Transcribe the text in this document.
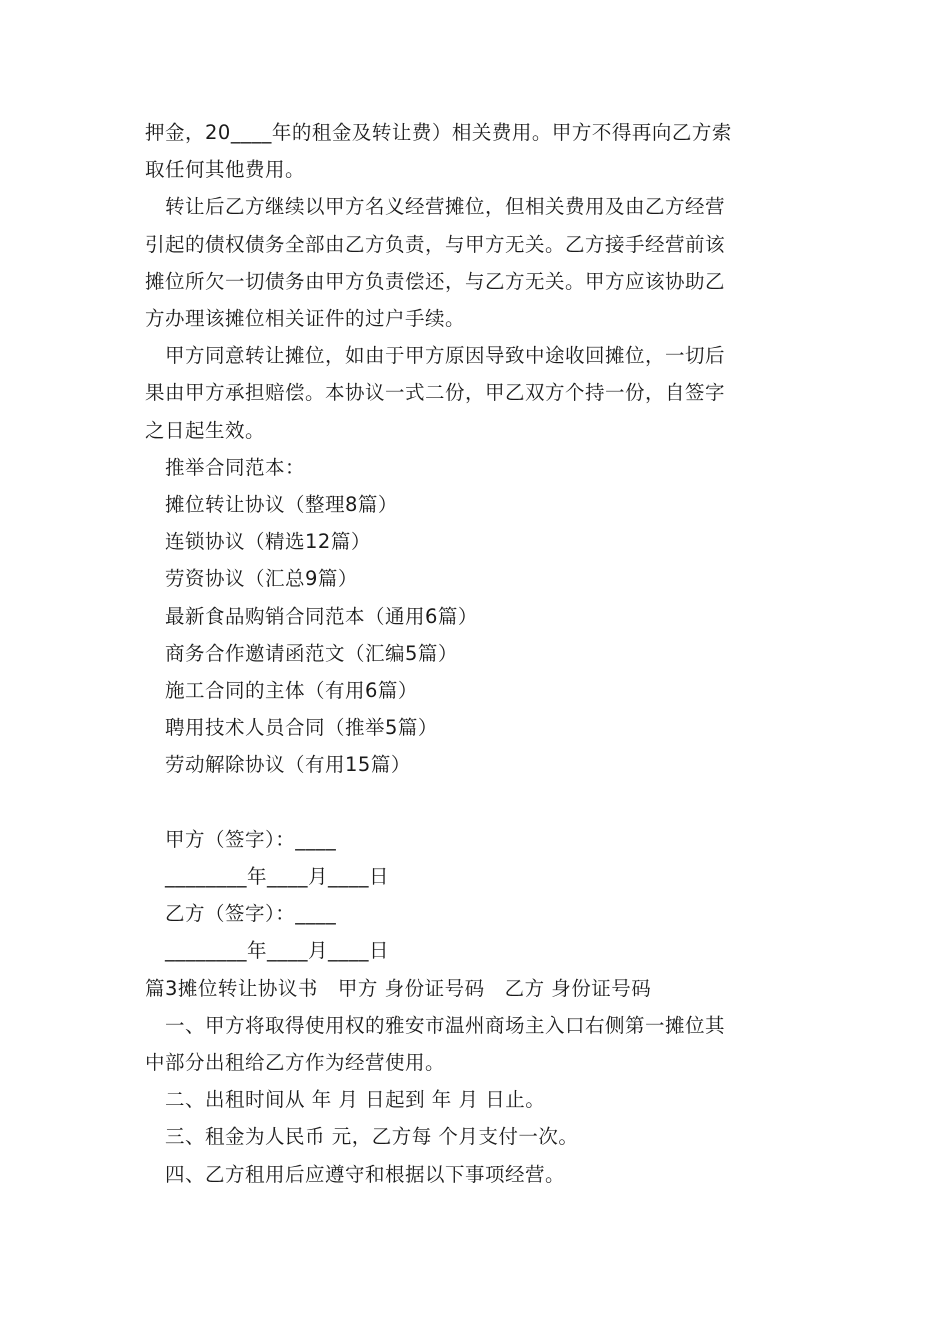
押金，20____年的租金及转让费）相关费用。甲方不得再向乙方索

取任何其他费用。

转让后乙方继续以甲方名义经营摊位，但相关费用及由乙方经营

引起的债权债务全部由乙方负责，与甲方无关。乙方接手经营前该

摊位所欠一切债务由甲方负责偿还，与乙方无关。甲方应该协助乙

方办理该摊位相关证件的过户手续。

甲方同意转让摊位，如由于甲方原因导致中途收回摊位，一切后

果由甲方承担赔偿。本协议一式二份，甲乙双方个持一份，自签字

之日起生效。

推举合同范本：

摊位转让协议（整理8篇）

连锁协议（精选12篇）

劳资协议（汇总9篇）

最新食品购销合同范本（通用6篇）

商务合作邀请函范文（汇编5篇）

施工合同的主体（有用6篇）

聘用技术人员合同（推举5篇）

劳动解除协议（有用15篇）

甲方（签字）：____

________年____月____日

乙方（签字）：____

________年____月____日

篇3摊位转让协议书　甲方 身份证号码　乙方 身份证号码

一、甲方将取得使用权的雅安市温州商场主入口右侧第一摊位其

中部分出租给乙方作为经营使用。

二、出租时间从 年 月 日起到 年 月 日止。

三、租金为人民币 元，乙方每 个月支付一次。

四、乙方租用后应遵守和根据以下事项经营。
